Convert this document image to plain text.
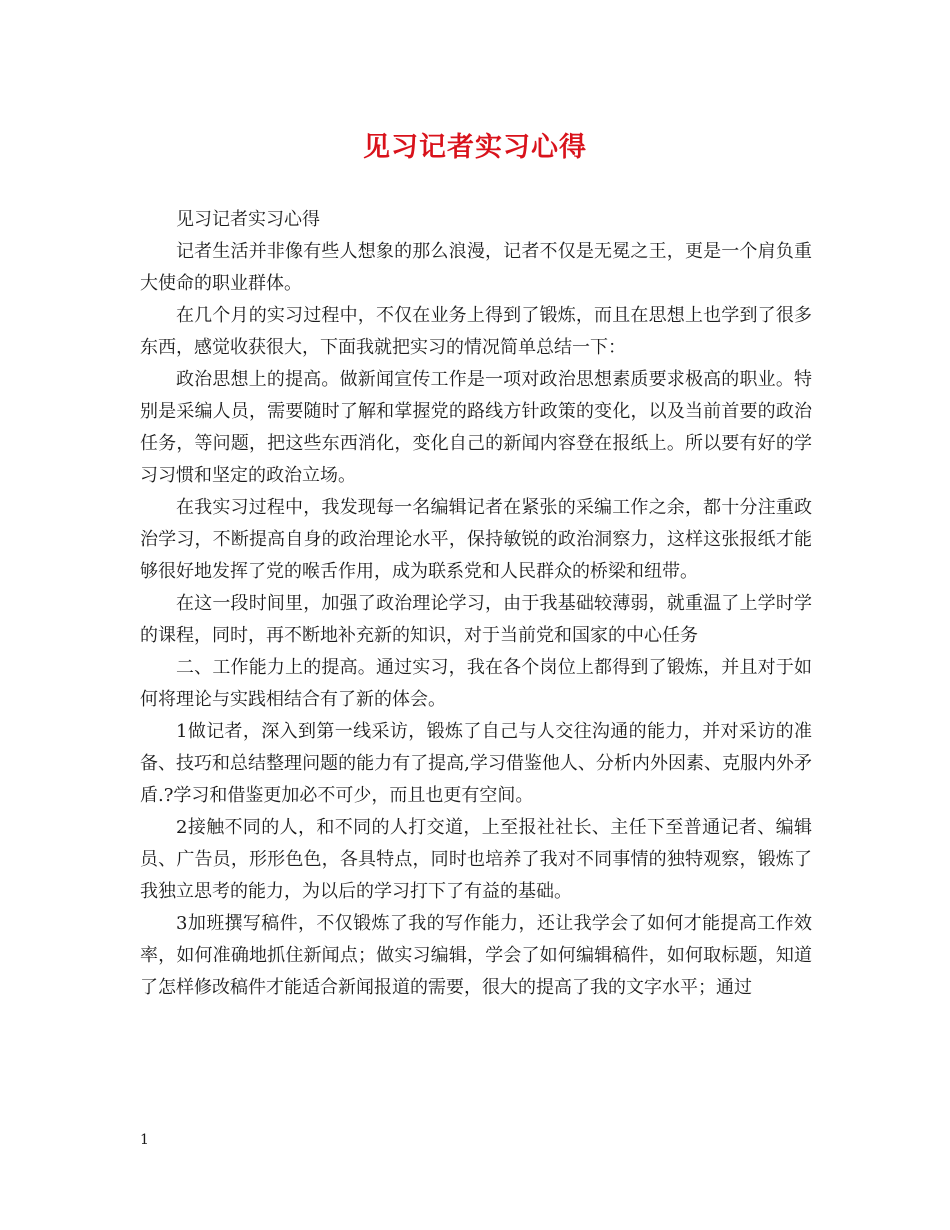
见习记者实习心得

见习记者实习心得

记者生活并非像有些人想象的那么浪漫，记者不仅是无冕之王，更是一个肩负重大使命的职业群体。

在几个月的实习过程中，不仅在业务上得到了锻炼，而且在思想上也学到了很多东西，感觉收获很大，下面我就把实习的情况简单总结一下：

政治思想上的提高。做新闻宣传工作是一项对政治思想素质要求极高的职业。特别是采编人员，需要随时了解和掌握党的路线方针政策的变化，以及当前首要的政治任务，等问题，把这些东西消化，变化自己的新闻内容登在报纸上。所以要有好的学习习惯和坚定的政治立场。

在我实习过程中，我发现每一名编辑记者在紧张的采编工作之余，都十分注重政治学习，不断提高自身的政治理论水平，保持敏锐的政治洞察力，这样这张报纸才能够很好地发挥了党的喉舌作用，成为联系党和人民群众的桥梁和纽带。

在这一段时间里，加强了政治理论学习，由于我基础较薄弱，就重温了上学时学的课程，同时，再不断地补充新的知识，对于当前党和国家的中心任务

二、工作能力上的提高。通过实习，我在各个岗位上都得到了锻炼，并且对于如何将理论与实践相结合有了新的体会。

1做记者，深入到第一线采访，锻炼了自己与人交往沟通的能力，并对采访的准备、技巧和总结整理问题的能力有了提高,学习借鉴他人、分析内外因素、克服内外矛盾.?学习和借鉴更加必不可少，而且也更有空间。

2接触不同的人，和不同的人打交道，上至报社社长、主任下至普通记者、编辑员、广告员，形形色色，各具特点，同时也培养了我对不同事情的独特观察，锻炼了我独立思考的能力，为以后的学习打下了有益的基础。

3加班撰写稿件，不仅锻炼了我的写作能力，还让我学会了如何才能提高工作效率，如何准确地抓住新闻点；做实习编辑，学会了如何编辑稿件，如何取标题，知道了怎样修改稿件才能适合新闻报道的需要，很大的提高了我的文字水平；通过

1
